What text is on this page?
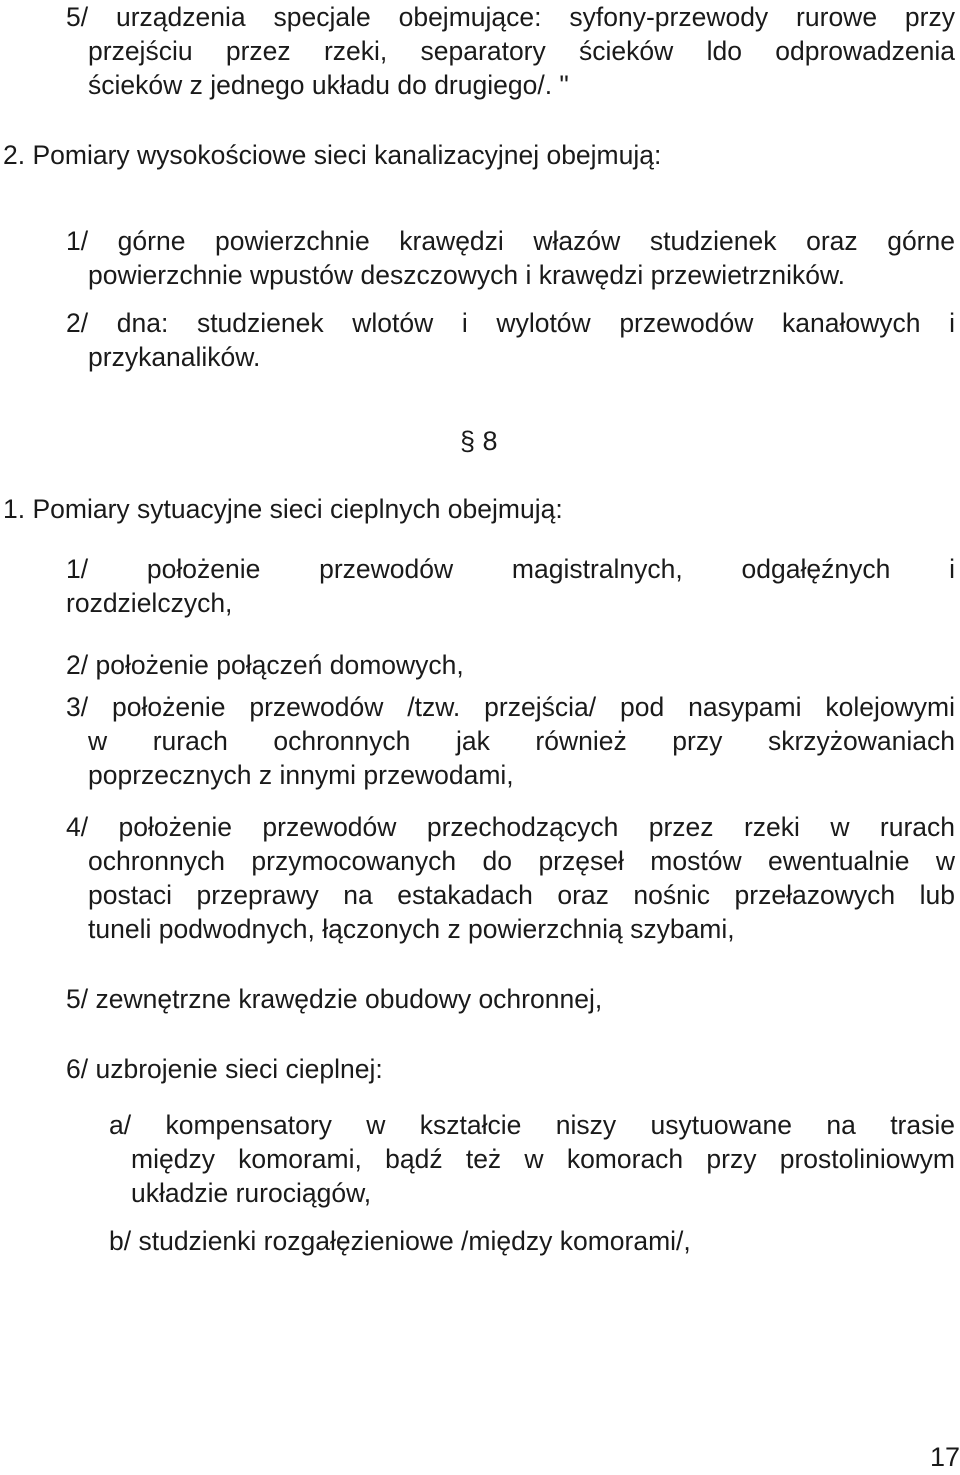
5/ urządzenia specjale obejmujące: syfony-przewody rurowe przy
przejściu przez rzeki, separatory ścieków ldo odprowadzenia
ścieków z jednego układu do drugiego/. "
2. Pomiary wysokościowe sieci kanalizacyjnej obejmują:
1/ górne powierzchnie krawędzi włazów studzienek oraz górne
powierzchnie wpustów deszczowych i krawędzi przewietrzników.
2/ dna: studzienek wlotów i wylotów przewodów kanałowych i
przykanalików.
§ 8
1. Pomiary sytuacyjne sieci cieplnych obejmują:
1/ położenie przewodów magistralnych, odgałęźnych i
rozdzielczych,
2/ położenie połączeń domowych,
3/ położenie przewodów /tzw. przejścia/ pod nasypami kolejowymi
w rurach ochronnych jak również przy skrzyżowaniach
poprzecznych z innymi przewodami,
4/ położenie przewodów przechodzących przez rzeki w rurach
ochronnych przymocowanych do przęseł mostów ewentualnie w
postaci przeprawy na estakadach oraz nośnic przełazowych lub
tuneli podwodnych, łączonych z powierzchnią szybami,
5/ zewnętrzne krawędzie obudowy ochronnej,
6/ uzbrojenie sieci cieplnej:
a/ kompensatory w kształcie niszy usytuowane na trasie
między komorami, bądź też w komorach przy prostoliniowym
układzie rurociągów,
b/ studzienki rozgałęzieniowe /między komorami/,
17
